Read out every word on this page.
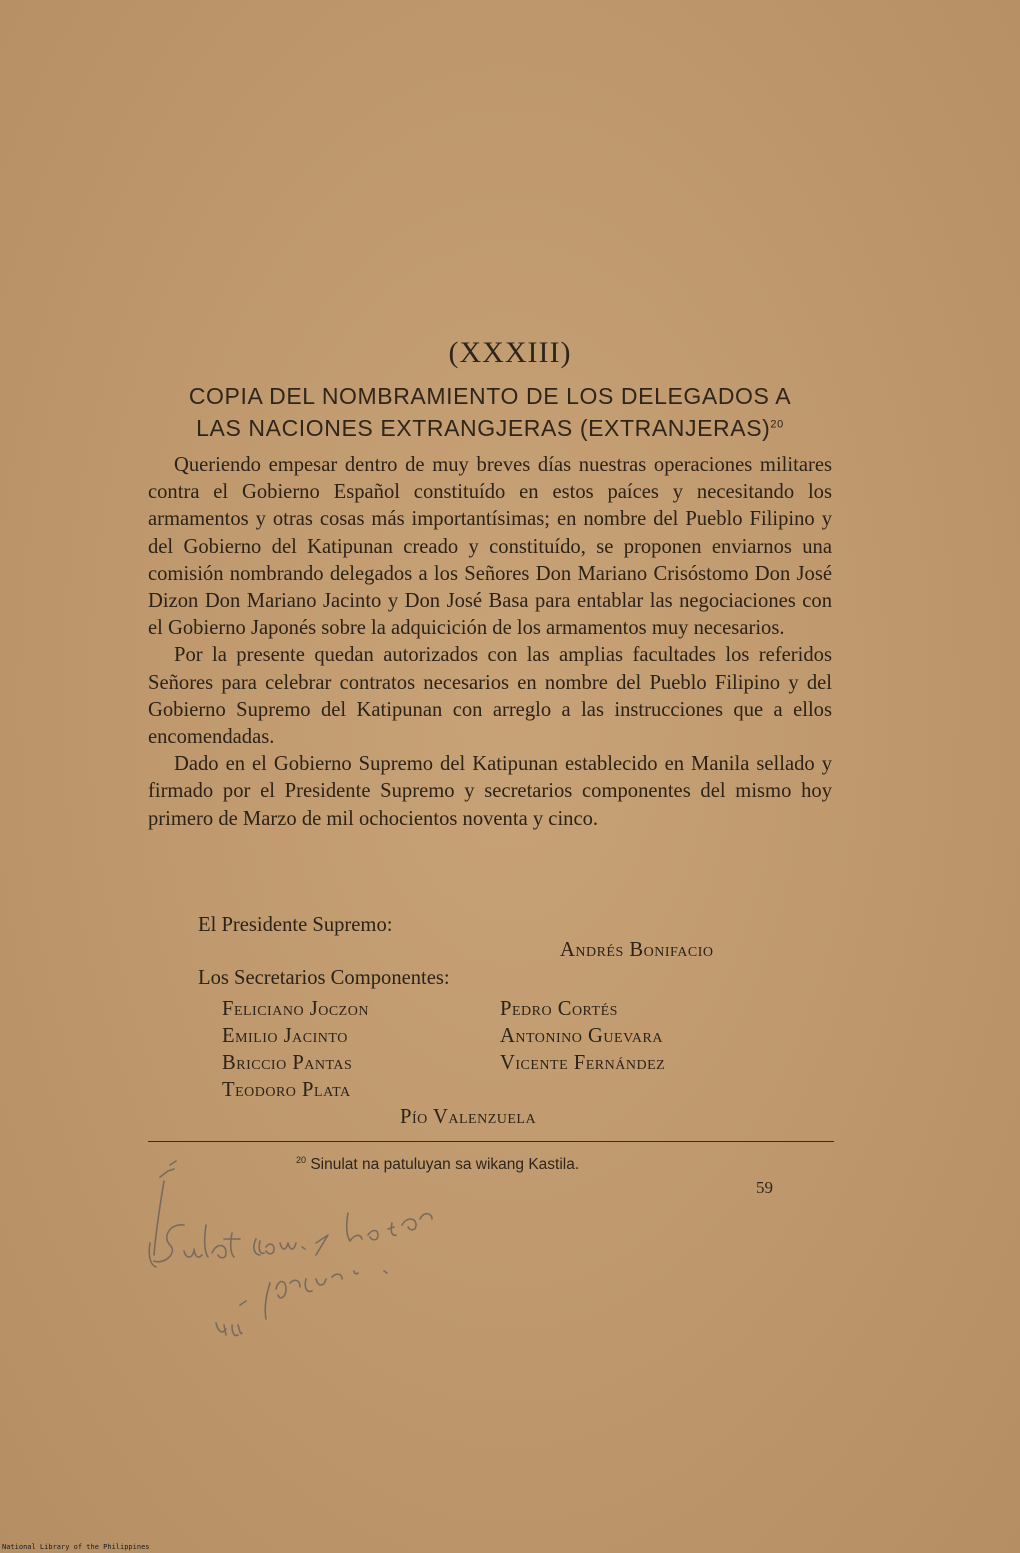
(XXXIII)
COPIA DEL NOMBRAMIENTO DE LOS DELEGADOS A
LAS NACIONES EXTRANGJERAS (EXTRANJERAS)$^{20}$

Queriendo empesar dentro de muy breves días nuestras operaciones militares contra el Gobierno Español constituído en estos paíces y necesitando los armamentos y otras cosas más importantísimas; en nombre del Pueblo Filipino y del Gobierno del Katipunan creado y constituído, se proponen enviarnos una comisión nombrando delegados a los Señores Don Mariano Crisóstomo Don José Dizon Don Mariano Jacinto y Don José Basa para entablar las negociaciones con el Gobierno Japonés sobre la adquicición de los armamentos muy necesarios.

Por la presente quedan autorizados con las amplias facultades los referidos Señores para celebrar contratos necesarios en nombre del Pueblo Filipino y del Gobierno Supremo del Katipunan con arreglo a las instrucciones que a ellos encomendadas.

Dado en el Gobierno Supremo del Katipunan establecido en Manila sellado y firmado por el Presidente Supremo y secretarios componentes del mismo hoy primero de Marzo de mil ochocientos noventa y cinco.

El Presidente Supremo:
Andrés Bonifacio
Los Secretarios Componentes:
Feliciano Joczon
Emilio Jacinto
Briccio Pantas
Teodoro Plata
Pedro Cortés
Antonino Guevara
Vicente Fernández
Pío Valenzuela
$^{20}$ Sinulat na patuluyan sa wikang Kastila.
59
National Library of the Philippines
